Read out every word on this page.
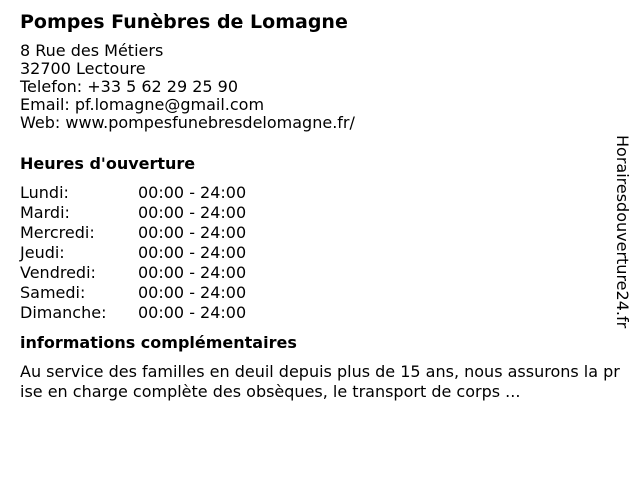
Pompes Funèbres de Lomagne
8 Rue des Métiers
32700 Lectoure
Telefon: +33 5 62 29 25 90
Email: pf.lomagne@gmail.com
Web: www.pompesfunebresdelomagne.fr/
Heures d'ouverture
Lundi:	00:00 - 24:00
Mardi:	00:00 - 24:00
Mercredi:	00:00 - 24:00
Jeudi:	00:00 - 24:00
Vendredi:	00:00 - 24:00
Samedi:	00:00 - 24:00
Dimanche: 00:00 - 24:00
informations complémentaires
Au service des familles en deuil depuis plus de 15 ans, nous assurons la prise en charge complète des obsèques, le transport de corps ...
Horairesdouverture24.fr
